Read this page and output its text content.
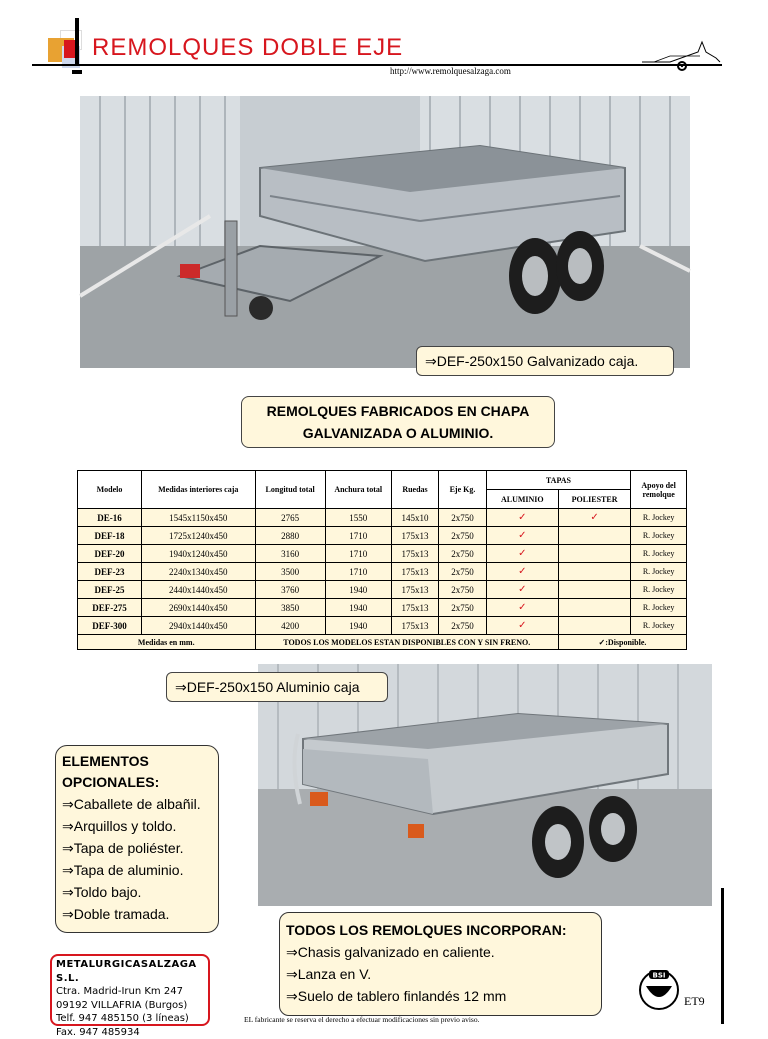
REMOLQUES DOBLE EJE
http://www.remolquesalzaga.com
⇒DEF-250x150 Galvanizado caja.
REMOLQUES FABRICADOS EN CHAPA
GALVANIZADA O ALUMINIO.
Modelo	Medidas interiores caja	Longitud total	Anchura total	Ruedas	Eje Kg.	TAPAS		Apoyo del remolque
						ALUMINIO	POLIESTER	
DE-16	1545x1150x450	2765	1550	145x10	2x750	✓	✓	R. Jockey
DEF-18	1725x1240x450	2880	1710	175x13	2x750	✓		R. Jockey
DEF-20	1940x1240x450	3160	1710	175x13	2x750	✓		R. Jockey
DEF-23	2240x1340x450	3500	1710	175x13	2x750	✓		R. Jockey
DEF-25	2440x1440x450	3760	1940	175x13	2x750	✓		R. Jockey
DEF-275	2690x1440x450	3850	1940	175x13	2x750	✓		R. Jockey
DEF-300	2940x1440x450	4200	1940	175x13	2x750	✓		R. Jockey
Medidas en mm.		TODOS LOS MODELOS ESTAN DISPONIBLES CON Y SIN FRENO.					✓:Disponible.	
⇒DEF-250x150 Aluminio caja
ELEMENTOS
OPCIONALES:
⇒Caballete de albañil.
⇒Arquillos y toldo.
⇒Tapa de poliéster.
⇒Tapa de aluminio.
⇒Toldo bajo.
⇒Doble tramada.
TODOS LOS REMOLQUES INCORPORAN:
⇒Chasis galvanizado en caliente.
⇒Lanza en V.
⇒Suelo de tablero finlandés 12 mm
METALURGICASALZAGA S.L.
Ctra. Madrid-Irun Km 247
09192 VILLAFRIA (Burgos)
Telf. 947 485150 (3 líneas)
Fax. 947 485934
EL fabricante se reserva el derecho a efectuar modificaciones sin previo aviso.
BSI
ET9
